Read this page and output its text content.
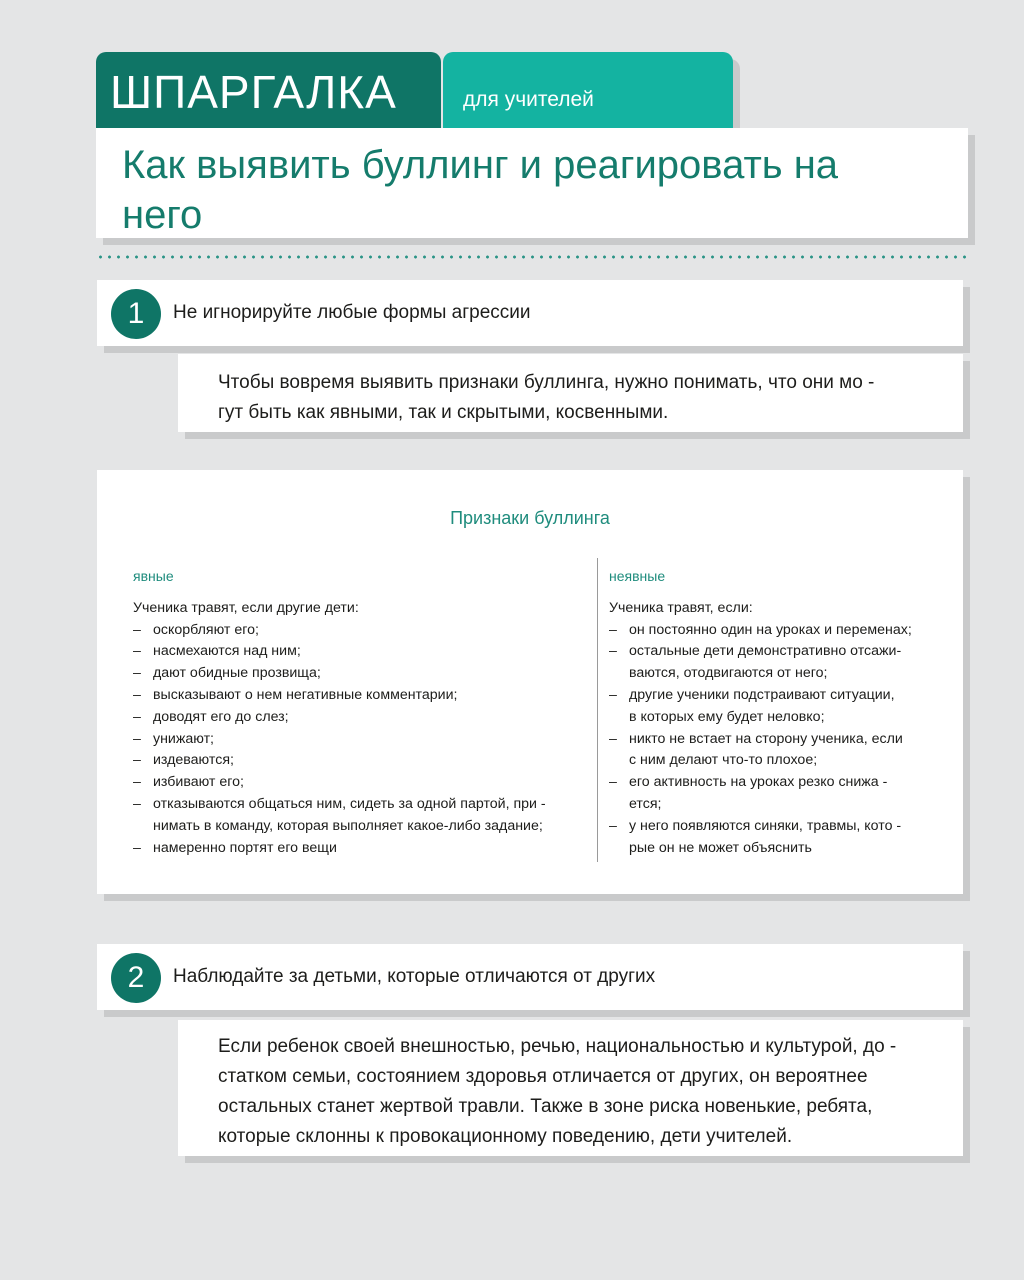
ШПАРГАЛКА	для учителей
Как выявить буллинг и реагировать на него
1	Не игнорируйте любые формы агрессии
Чтобы вовремя выявить признаки буллинга, нужно понимать, что они мо -
гут быть как явными, так и скрытыми, косвенными.
Признаки буллинга
явные
Ученика травят, если другие дети:
– оскорбляют его;
– насмехаются над ним;
– дают обидные прозвища;
– высказывают о нем негативные комментарии;
– доводят его до слез;
– унижают;
– издеваются;
– избивают его;
– отказываются общаться ним, сидеть за одной партой, при -
нимать в команду, которая выполняет какое-либо задание;
– намеренно портят его вещи
неявные
Ученика травят, если:
– он постоянно один на уроках и переменах;
– остальные дети демонстративно отсажи-
ваются, отодвигаются от него;
– другие ученики подстраивают ситуации,
в которых ему будет неловко;
– никто не встает на сторону ученика, если
с ним делают что-то плохое;
– его активность на уроках резко снижа -
ется;
– у него появляются синяки, травмы, кото -
рые он не может объяснить
2	Наблюдайте за детьми, которые отличаются от других
Если ребенок своей внешностью, речью, национальностью и культурой, до -
статком семьи, состоянием здоровья отличается от других, он вероятнее
остальных станет жертвой травли. Также в зоне риска новенькие, ребята,
которые склонны к провокационному поведению, дети учителей.
